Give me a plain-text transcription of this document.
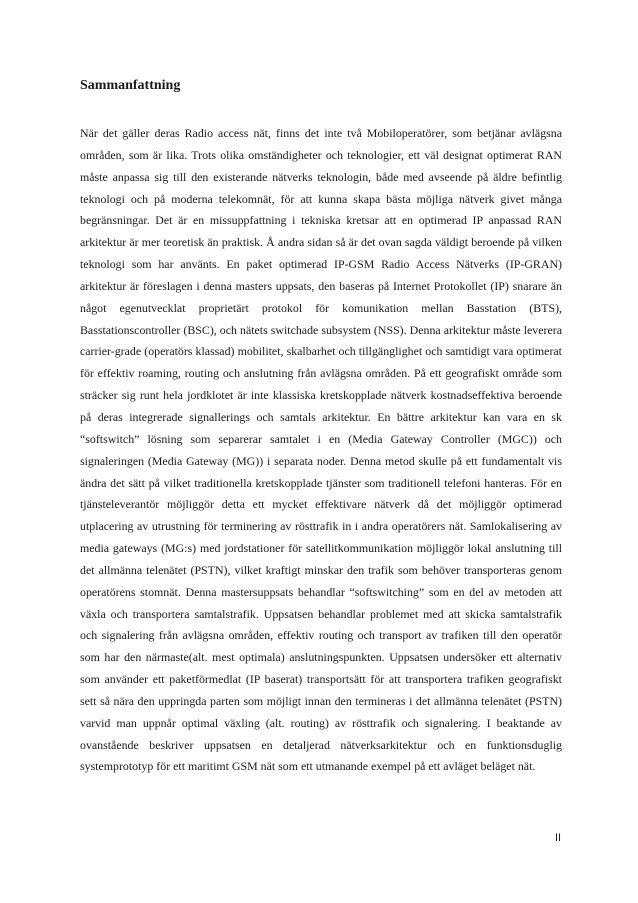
Sammanfattning

När det gäller deras Radio access nät, finns det inte två Mobiloperatörer, som betjänar avlägsna områden, som är lika. Trots olika omständigheter och teknologier, ett väl designat optimerat RAN måste anpassa sig till den existerande nätverks teknologin, både med avseende på äldre befintlig teknologi och på moderna telekomnät, för att kunna skapa bästa möjliga nätverk givet många begränsningar. Det är en missuppfattning i tekniska kretsar att en optimerad IP anpassad RAN arkitektur är mer teoretisk än praktisk. Å andra sidan så är det ovan sagda väldigt beroende på vilken teknologi som har använts. En paket optimerad IP-GSM Radio Access Nätverks (IP-GRAN) arkitektur är föreslagen i denna masters uppsats, den baseras på Internet Protokollet (IP) snarare än något egenutvecklat proprietärt protokol för komunikation mellan Basstation (BTS), Basstationscontroller (BSC), och nätets switchade subsystem (NSS). Denna arkitektur måste leverera carrier-grade (operatörs klassad) mobilitet, skalbarhet och tillgänglighet och samtidigt vara optimerat för effektiv roaming, routing och anslutning från avlägsna områden. På ett geografiskt område som sträcker sig runt hela jordklotet är inte klassiska kretskopplade nätverk kostnadseffektiva beroende på deras integrerade signallerings och samtals arkitektur. En bättre arkitektur kan vara en sk “softswitch” lösning som separerar samtalet i en (Media Gateway Controller (MGC)) och signaleringen (Media Gateway (MG)) i separata noder. Denna metod skulle på ett fundamentalt vis ändra det sätt på vilket traditionella kretskopplade tjänster som traditionell telefoni hanteras. För en tjänsteleverantör möjliggör detta ett mycket effektivare nätverk då det möjliggör optimerad utplacering av utrustning för terminering av rösttrafik in i andra operatörers nät. Samlokalisering av media gateways (MG:s) med jordstationer för satellitkommunikation möjliggör lokal anslutning till det allmänna telenätet (PSTN), vilket kraftigt minskar den trafik som behöver transporteras genom operatörens stomnät. Denna mastersuppsats behandlar “softswitching” som en del av metoden att växla och transportera samtalstrafik. Uppsatsen behandlar problemet med att skicka samtalstrafik och signalering från avlägsna områden, effektiv routing och transport av trafiken till den operatör som har den närmaste(alt. mest optimala) anslutningspunkten. Uppsatsen undersöker ett alternativ som använder ett paketförmedlat (IP baserat) transportsätt för att transportera trafiken geografiskt sett så nära den uppringda parten som möjligt innan den termineras i det allmänna telenätet (PSTN) varvid man uppnår optimal växling (alt. routing) av rösttrafik och signalering. I beaktande av ovanstående beskriver uppsatsen en detaljerad nätverksarkitektur och en funktionsduglig systemprototyp för ett maritimt GSM nät som ett utmanande exempel på ett avläget beläget nät.

II
